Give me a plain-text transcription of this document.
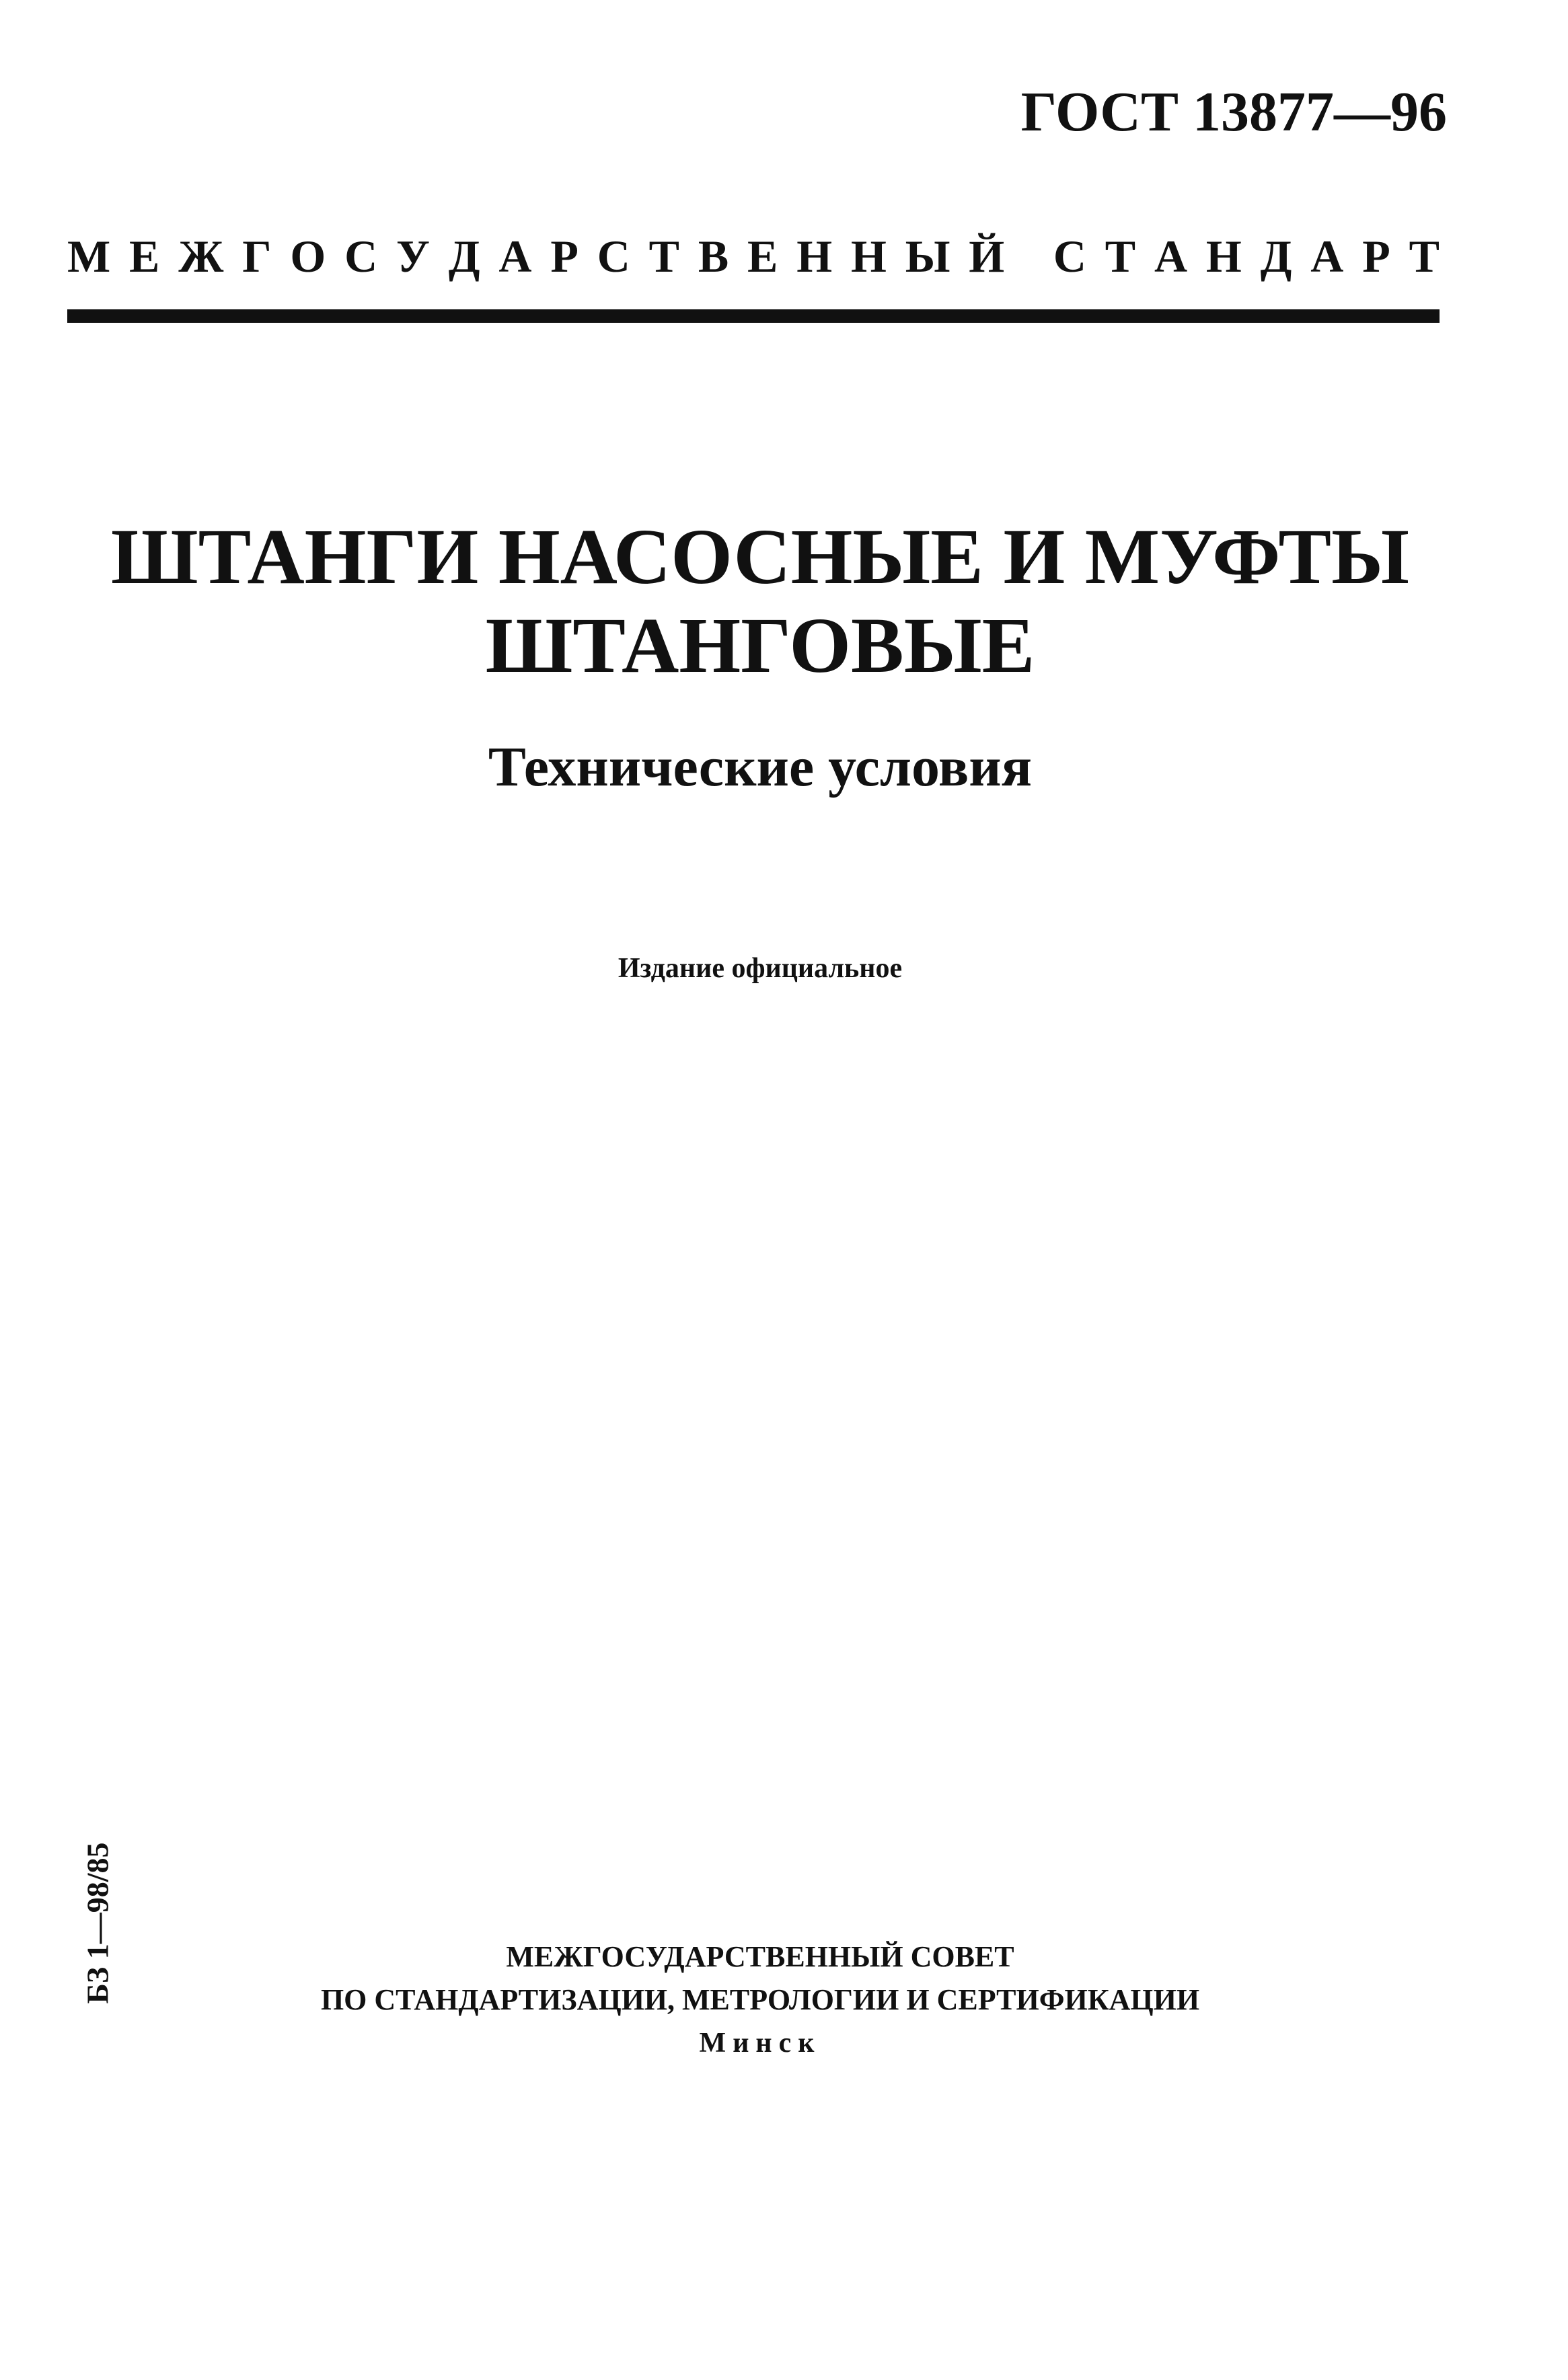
ГОСТ 13877—96
М Е Ж Г О С У Д А Р С Т В Е Н Н Ы Й
С Т А Н Д А Р Т
ШТАНГИ НАСОСНЫЕ И МУФТЫ
ШТАНГОВЫЕ
Технические условия
Издание официальное
БЗ 1—98/85	МЕЖГОСУДАРСТВЕННЫЙ СОВЕТ
ПО СТАНДАРТИЗАЦИИ, МЕТРОЛОГИИ И СЕРТИФИКАЦИИ
Минск
